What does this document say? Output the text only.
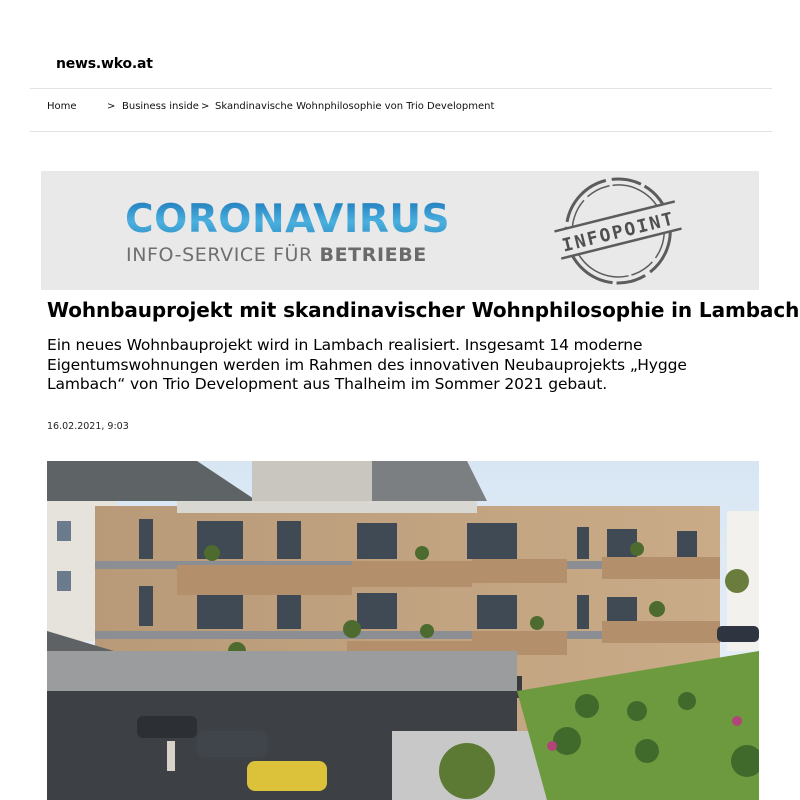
news.wko.at
Home	> Business inside > Skandinavische Wohnphilosophie von Trio Development
CORONAVIRUS
INFO-SERVICE FÜR BETRIEBE	INFOPOINT
Wohnbauprojekt mit skandinavischer Wohnphilosophie in Lambach
Ein neues Wohnbauprojekt wird in Lambach realisiert. Insgesamt 14 moderne
Eigentumswohnungen werden im Rahmen des innovativen Neubauprojekts „Hygge
Lambach“ von Trio Development aus Thalheim im Sommer 2021 gebaut.
16.02.2021, 9:03
